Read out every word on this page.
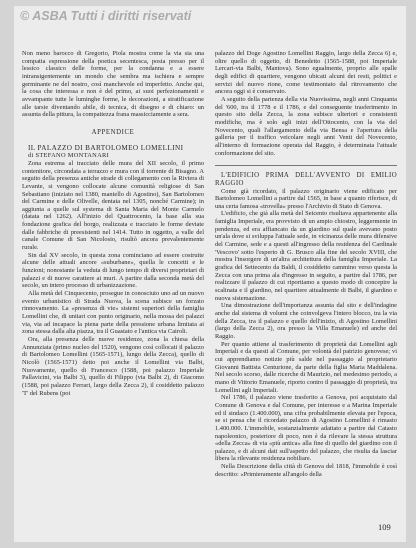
© ASBA Tutti i diritti riservati

Non meno barocco di Gregorio, Piola mostra come la via sia una compatta espressione della poetica secentesca, posta presso per il lessico classico delle forme, per la condanna e a essere intransigentemente un mondo che sembra ma ischiera e sempre germinante ne del nostro, così manchevole ed imperfetto. Anche qui, la cosa che interessa e non è del primo, ai suoi perfezionamenti e avvampante tutte le luminghe forme, le decorazioni, a stratificazione alle tarsie diventando abile, di tecnica, di disegno e di chiaro: un assunta della pittura, la compattezza frana massicciamente a sera.

APPENDICE

IL PALAZZO DI BARTOLOMEO LOMELLINI

di STEFANO MONTANARI

Zona estrema al tracciato delle mura del XII secolo, il primo contenitore, circondata a terrazzo e mura con il torrente di Bisagno. A seguito della presenza antiche strade di collegamento con la Riviera di Levante, si vengono collocate alcune comunità religiose di San Sebastiano (iniziato nel 1380, mantello di Agostino), San Bartolomeo del Carmine e delle Olivelle, dentata nel 1305, nonché Carmine); in aggiunta a quelle sul systema di Santa Maria del Monte Carmelo (datata nel 1262). All'inizio del Quattrocento, la base alla sua fondazione grafica del borgo, realizzata e tracciato le forme deviate dalle fabbriche di preesistenti nel 1414. Tutto in oggetto, a valle del canale Comune di San Nicolosio, risultò ancora prevalentemente rurale.

Sin dal XV secolo, in questa zona cominciano ad essere costruite alcune delle attuali ancore «suburbane», quella le concetti e le funzioni; nonostante la veduta di lungo tempo di diversi proprietari di palazzi e di nuove carattere ai muri. A partire dalla seconda metà del secolo, un intero processo di urbanizzazione.

Alla metà del Cinquecento, prosegue in conosciuto uno ad un nuovo evento urbanistico di Strada Nuova, la scena subisce un forzato rinnovamento. La «presenza di vie» sistemi superiori della famiglia Lomellini che, di unitari con punto originario, nella mossa dei palazzi via, via ad incapace la piena parte della pressione urbana limitata ai zona stessa dalla alta piazza, tra il Guastato e l'antica via Cairoli.

Ora, alla presenza delle nuove residenze, zona la chiesa della Annunziata (primo nucleo del 1520), vengono così collocati il palazzo di Bartolomeo Lomellini (1565-1571), lungo della Zecca), quello di Nicolò (1565-1571) detto poi anche il Lomellini via Balbi, Nuovamente, quello di Francesco (1588, poi palazzo Imperiale Pallavicini, via Balbi 3), quello di Filippo (via Balbi 2), di Giacomo (1588, poi palazzo Ferrari, largo della Zecca 2), il cosiddetto palazzo 'T' del Rubens (poi

palazzo del Doge Agostino Lomellini Raggio, largo della Zecca 6) e, oltre quello di oggetto, di Benedetto (1565-1588, poi Imperiale Lercari-via Balbi, Mantova). Sono egualmente, proprio alle spalle degli edifici di quartiere, vengono ubicati alcuni dei resti, politici e servizi del nuovo rione, come testimoniato dal ritrovamento che ancora oggi si è conservato.

A seguito della partenza della via Nuovissima, negli anni Cinquanta del '600, tra il 1778 e il 1786, e del conseguente trasferimento in questo sito della Zecca, la zona subisce ulteriori e consistenti modifiche, ma è solo agli inizi dell'Ottocento, con la via del Novecento, quali l'allargamento della via Bensa e l'apertura della galleria per il traffico veicolare negli anni Venti del Novecento, all'interno di formazione operata dal Raggio, è determinata l'attuale conformazione del sito.

L'EDIFICIO PRIMA DELL'AVVENTO DI EMILIO RAGGIO

Come già ricordato, il palazzo originario viene edificato per Bartolomeo Lomellini a partire dal 1565, in base a quanto riferisce, di una certa famosa «trovella» presso l'Archivio di Stato di Genova.

L'edificio, che già alla metà del Seicento risultava appartenente alla famiglia Imperiale, era provvisto di un ampio chiostro, leggermente in pendenza, ed era affiancato da un giardino sul quale avevano posto un'ala dove si sviluppa l'attuale sede, in vicinanza delle mura difensive del Carmine, sede e a questi all'ingresso della residenza del Cardinale 'Vescovo' sotto l'esperto di G. Brusco alla fine del secolo XVIII, che mostra l'insorgere di un'altra architettura della famiglia Imperiale. La grafica del Settecento da Baldi, il cosiddetto cammino verso questa la Zecca con una prima ala d'ingresso in seguito, a partire dal 1786, per realizzare il palazzo di cui riportiamo a questo modo di concepire la scalinata e il giardino, nel quartiere attualmente di Balbi, il giardino e nuova sistemazione.

Una dimostrazione dell'importanza assunta dal sito e dell'indagine anche dal sistema di volumi che coinvolgeva l'intero blocco, tra la via della Zecca, tra il palazzo e quello dell'inizio, di Agostino Lomellini (largo della Zecca 2), ora presso la Villa Emanuele) ed anche del Raggio.

Per quanto attiene al trasferimento di proprietà dai Lomellini agli Imperiali e da questi al Comune, per volontà del patrizio genovese; vi cui apprendiamo notizie più salde nel passaggio al proprietario Giovanni Battista Centurione, da parte della figlia Maria Maddalena. Nel secolo scorso, dalle ricerche di Maurizio, nel medesimo periodo, a mano di Vittorio Emanuele, riporto contro il passaggio di proprietà, tra Lomellini agli Imperiali.

Nel 1786, il palazzo viene trasferito a Genova, poi acquistato dal Comune di Genova e dal Comune, per interesse e a Marina Imperiale ed il sindaco (1.400.000), una cifra probabilmente elevata per l'epoca, se si pensa che il ricordato palazzo di Agostino Lomellini è rimasto 1.400.000. L'immobile, sostanzialmente adattato a partire dal Catasto napoleonico, posteriore di poco, non è da rilevare la stessa struttura «della Zecca» di via «più antica» alla fine di quello del giardino con il palazzo, e di alcuni dati sull'aspetto del palazzo, che risulta da lasciar libera la rilevante residenza nobiliare.

Nella Descrizione della città di Genova del 1818, l'immobile è così descritto: «Primieramente all'angolo della

109
